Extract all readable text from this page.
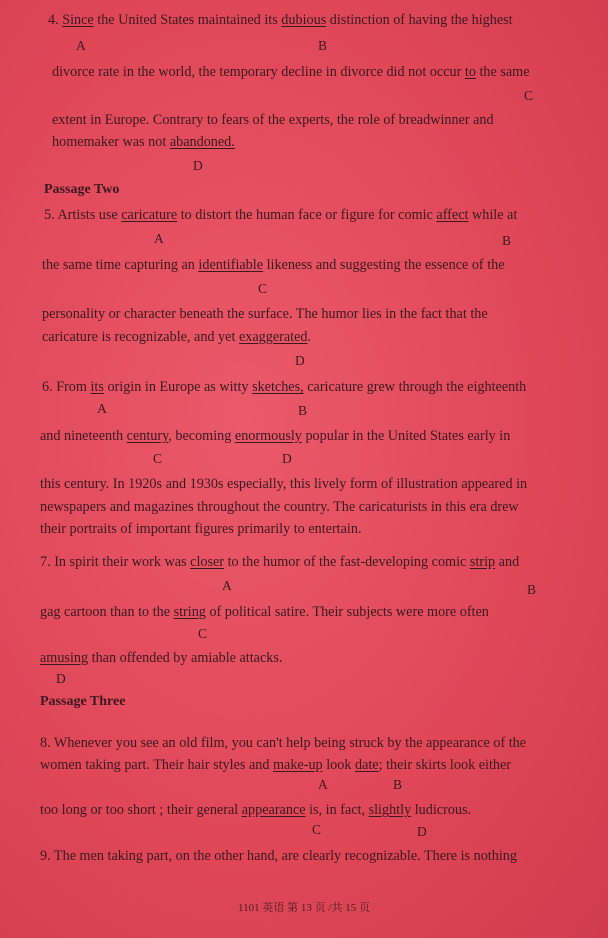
4. Since the United States maintained its dubious distinction of having the highest
A	B
divorce rate in the world, the temporary decline in divorce did not occur to the same
C
extent in Europe. Contrary to fears of the experts, the role of breadwinner and
homemaker was not abandoned.
D
Passage Two
5. Artists use caricature to distort the human face or figure for comic affect while at
A	B
the same time capturing an identifiable likeness and suggesting the essence of the
C
personality or character beneath the surface. The humor lies in the fact that the
caricature is recognizable, and yet exaggerated.
D
6. From its origin in Europe as witty sketches, caricature grew through the eighteenth
A	B
and nineteenth century, becoming enormously popular in the United States early in
C	D
this century. In 1920s and 1930s especially, this lively form of illustration appeared in
newspapers and magazines throughout the country. The caricaturists in this era drew
their portraits of important figures primarily to entertain.
7. In spirit their work was closer to the humor of the fast-developing comic strip and
A	B
gag cartoon than to the string of political satire. Their subjects were more often
C
amusing than offended by amiable attacks.
D
Passage Three
8. Whenever you see an old film, you can't help being struck by the appearance of the
women taking part. Their hair styles and make-up look date; their skirts look either
A	B
too long or too short ; their general appearance is, in fact, slightly ludicrous.
C	D
9. The men taking part, on the other hand, are clearly recognizable. There is nothing
1101 英语 第 13 页 /共 15 页
